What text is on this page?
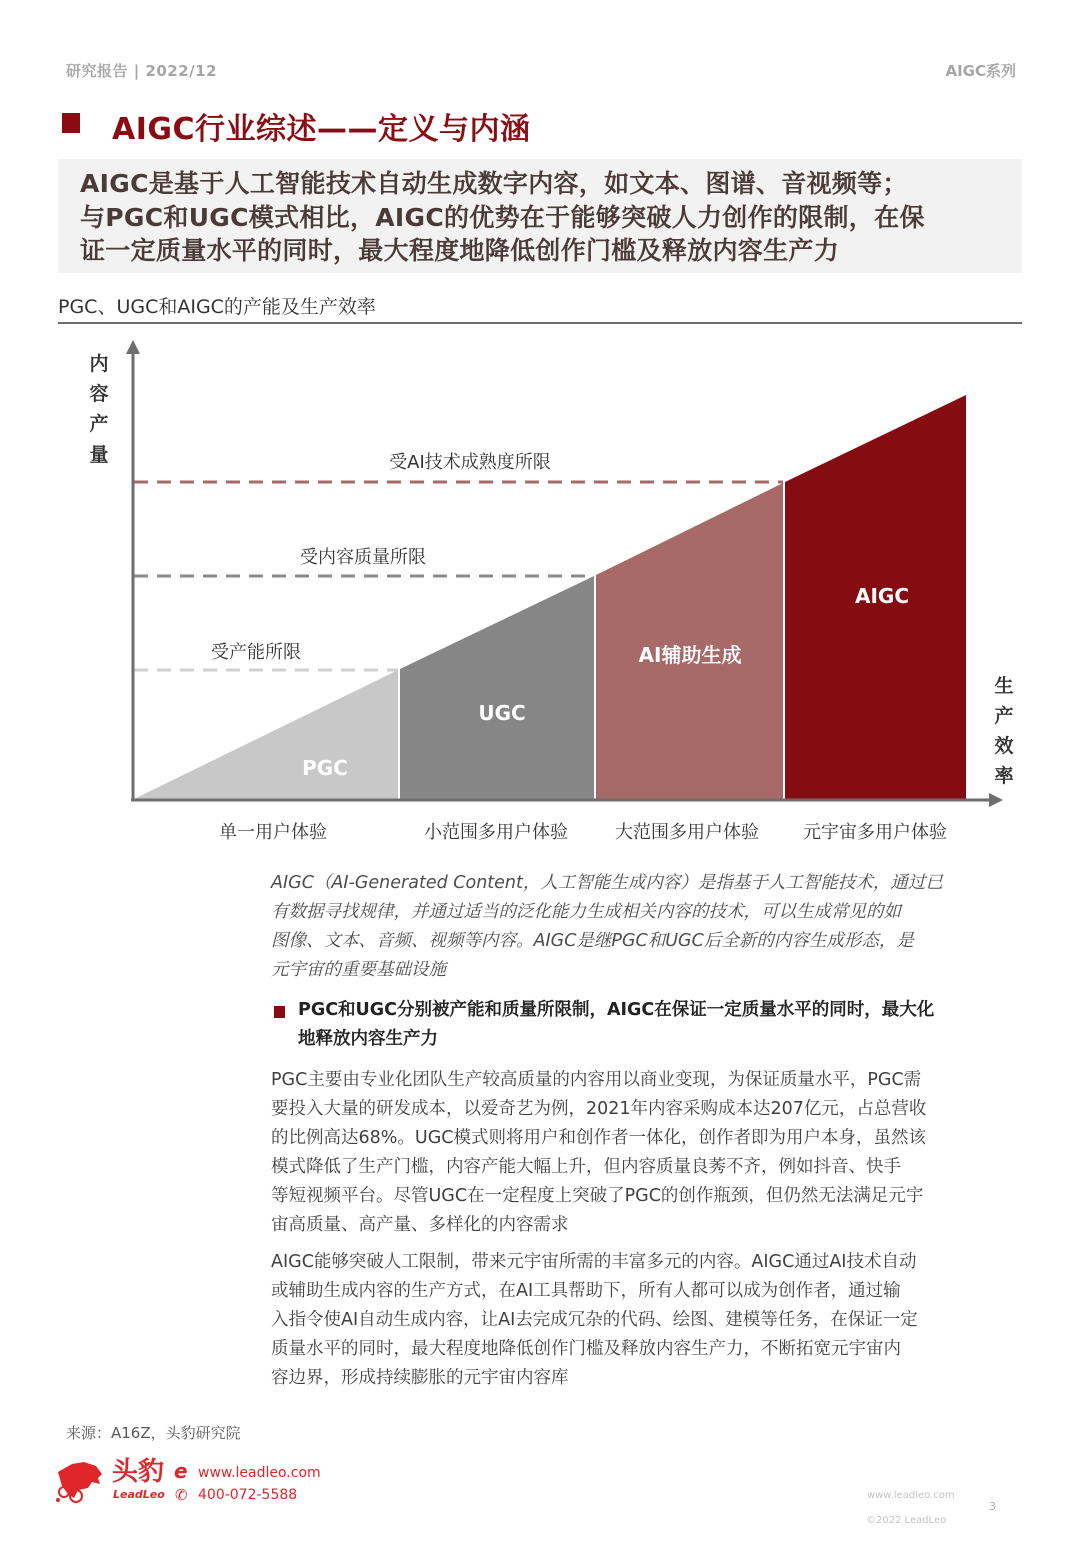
研究报告 | 2022/12	AIGC系列
AIGC行业综述——定义与内涵
AIGC是基于人工智能技术自动生成数字内容，如文本、图谱、音视频等；
与PGC和UGC模式相比，AIGC的优势在于能够突破人力创作的限制，在保
证一定质量水平的同时，最大程度地降低创作门槛及释放内容生产力
PGC、UGC和AIGC的产能及生产效率
内
容
产
量
生
产
效
率
受产能所限
受内容质量所限
受AI技术成熟度所限
PGC
UGC
AI辅助生成
AIGC
单一用户体验	小范围多用户体验	大范围多用户体验 元宇宙多用户体验
AIGC（AI-Generated Content，人工智能生成内容）是指基于人工智能技术，通过已
有数据寻找规律，并通过适当的泛化能力生成相关内容的技术，可以生成常见的如
图像、文本、音频、视频等内容。AIGC是继PGC和UGC后全新的内容生成形态，是
元宇宙的重要基础设施
PGC和UGC分别被产能和质量所限制，AIGC在保证一定质量水平的同时，最大化
地释放内容生产力
PGC主要由专业化团队生产较高质量的内容用以商业变现，为保证质量水平，PGC需
要投入大量的研发成本，以爱奇艺为例，2021年内容采购成本达207亿元，占总营收
的比例高达68%。UGC模式则将用户和创作者一体化，创作者即为用户本身，虽然该
模式降低了生产门槛，内容产能大幅上升，但内容质量良莠不齐，例如抖音、快手
等短视频平台。尽管UGC在一定程度上突破了PGC的创作瓶颈，但仍然无法满足元宇
宙高质量、高产量、多样化的内容需求
AIGC能够突破人工限制，带来元宇宙所需的丰富多元的内容。AIGC通过AI技术自动
或辅助生成内容的生产方式，在AI工具帮助下，所有人都可以成为创作者，通过输
入指令使AI自动生成内容，让AI去完成冗杂的代码、绘图、建模等任务，在保证一定
质量水平的同时，最大程度地降低创作门槛及释放内容生产力，不断拓宽元宇宙内
容边界，形成持续膨胀的元宇宙内容库
来源：A16Z，头豹研究院
头豹
LeadLeo
e www.leadleo.com
✆ 400-072-5588	www.leadleo.com
©2022 LeadLeo
3
